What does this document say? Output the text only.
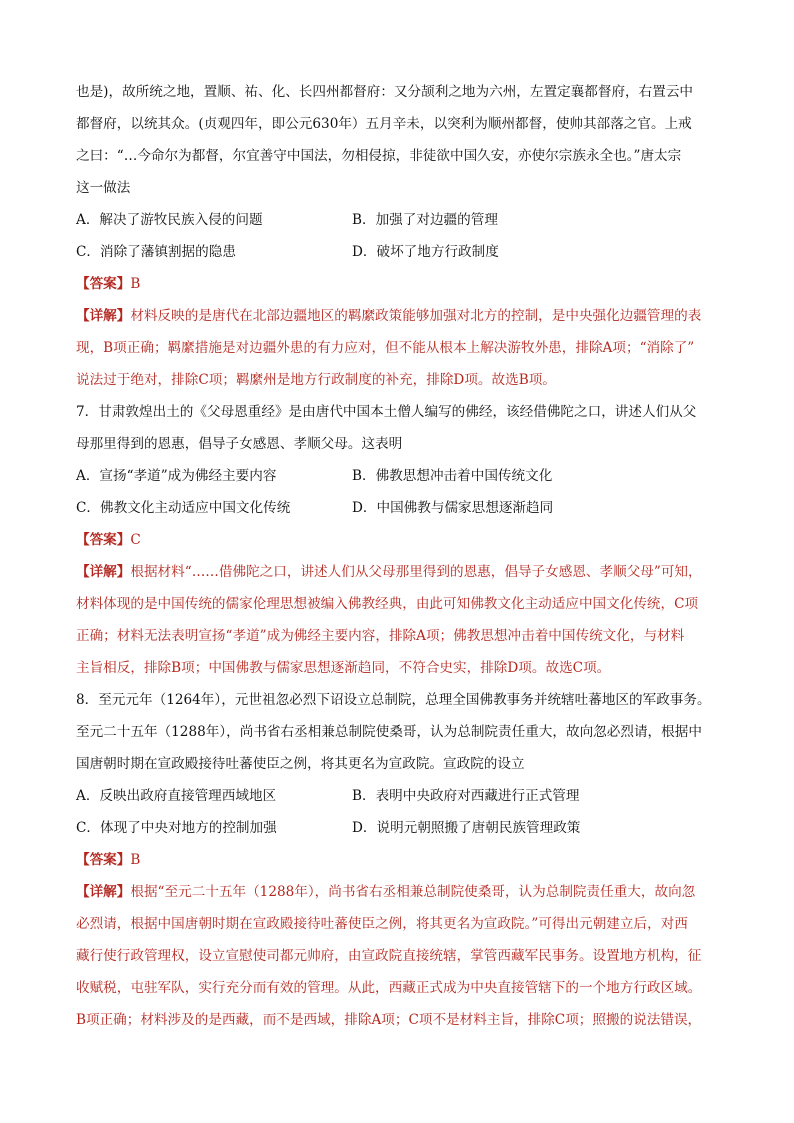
也是)，故所统之地，置顺、祐、化、长四州都督府：又分颉利之地为六州，左置定襄都督府，右置云中
都督府，以统其众。(贞观四年，即公元630年）五月辛未，以突利为顺州都督，使帅其部落之官。上戒
之曰：“…今命尔为都督，尔宜善守中国法，勿相侵掠，非徒欲中国久安，亦使尔宗族永全也。”唐太宗
这一做法
A．解决了游牧民族入侵的问题	B．加强了对边疆的管理
C．消除了藩镇割据的隐患	D．破坏了地方行政制度
【答案】B
【详解】材料反映的是唐代在北部边疆地区的羁縻政策能够加强对北方的控制，是中央强化边疆管理的表
现，B项正确；羁縻措施是对边疆外患的有力应对，但不能从根本上解决游牧外患，排除A项；“消除了”
说法过于绝对，排除C项；羁縻州是地方行政制度的补充，排除D项。故选B项。
7．甘肃敦煌出土的《父母恩重经》是由唐代中国本土僧人编写的佛经，该经借佛陀之口，讲述人们从父
母那里得到的恩惠，倡导子女感恩、孝顺父母。这表明
A．宣扬“孝道”成为佛经主要内容	B．佛教思想冲击着中国传统文化
C．佛教文化主动适应中国文化传统	D．中国佛教与儒家思想逐渐趋同
【答案】C
【详解】根据材料“……借佛陀之口，讲述人们从父母那里得到的恩惠，倡导子女感恩、孝顺父母”可知，
材料体现的是中国传统的儒家伦理思想被编入佛教经典，由此可知佛教文化主动适应中国文化传统，C项
正确；材料无法表明宣扬“孝道”成为佛经主要内容，排除A项；佛教思想冲击着中国传统文化，与材料
主旨相反，排除B项；中国佛教与儒家思想逐渐趋同，不符合史实，排除D项。故选C项。
8．至元元年（1264年），元世祖忽必烈下诏设立总制院，总理全国佛教事务并统辖吐蕃地区的军政事务。
至元二十五年（1288年），尚书省右丞相兼总制院使桑哥，认为总制院责任重大，故向忽必烈请，根据中
国唐朝时期在宣政殿接待吐蕃使臣之例，将其更名为宣政院。宣政院的设立
A．反映出政府直接管理西域地区	B．表明中央政府对西藏进行正式管理
C．体现了中央对地方的控制加强	D．说明元朝照搬了唐朝民族管理政策
【答案】B
【详解】根据“至元二十五年（1288年），尚书省右丞相兼总制院使桑哥，认为总制院责任重大，故向忽
必烈请，根据中国唐朝时期在宣政殿接待吐蕃使臣之例，将其更名为宣政院。”可得出元朝建立后，对西
藏行使行政管理权，设立宣慰使司都元帅府，由宣政院直接统辖，掌管西藏军民事务。设置地方机构，征
收赋税，屯驻军队，实行充分而有效的管理。从此，西藏正式成为中央直接管辖下的一个地方行政区域。
B项正确；材料涉及的是西藏，而不是西域，排除A项；C项不是材料主旨，排除C项；照搬的说法错误，
